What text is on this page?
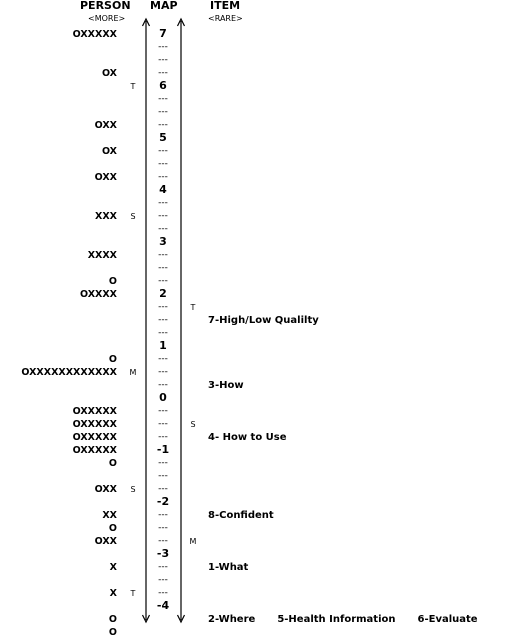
PERSON
<MORE>
MAP	ITEM
<RARE>
7
---
---
---
6
---
---
---
5
---
---
---
4
---
---
---
3
---
---
---
2
---
---
---
1
---
---
---
0
---
---
---
-1
---
---
---
-2
---
---
---
-3
---
---
---
-4
OXXXXX
OX
OXX
OX
OXX
XXX
XXXX
O
OXXXX
O
OXXXXXXXXXXXX
OXXXXX
OXXXXX
OXXXXX
OXXXXX
O
OXX
XX
O
OXX
X
X
O
O
T
S
M
S
T
T
S
M
7-High/Low Qualilty
3-How
4- How to Use
8-Confident
1-What
2-Where 5-Health Information 6-Evaluate
